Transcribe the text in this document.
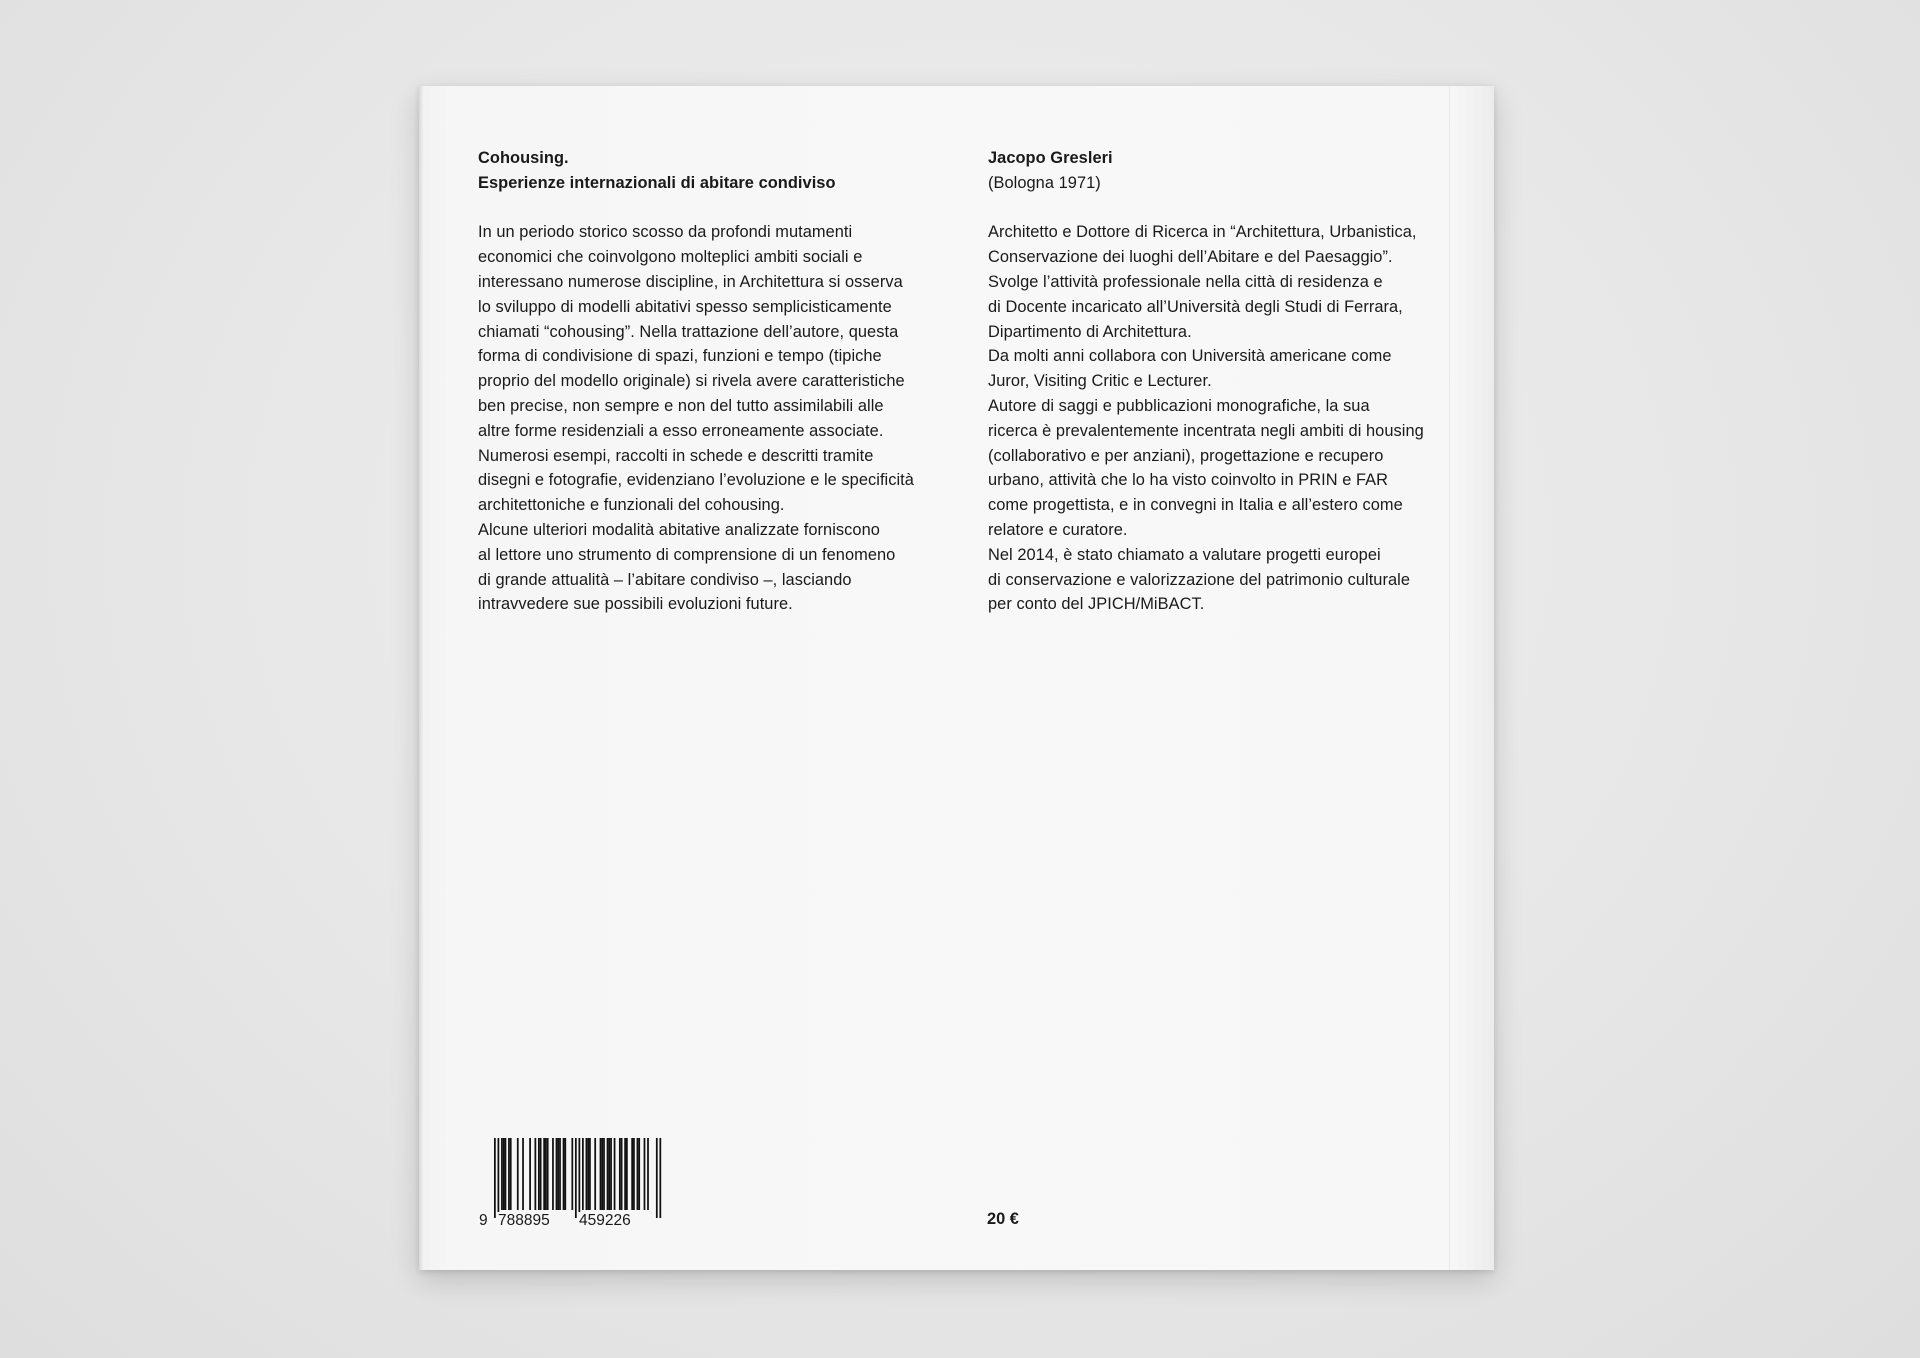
Cohousing.
Esperienze internazionali di abitare condiviso
In un periodo storico scosso da profondi mutamenti
economici che coinvolgono molteplici ambiti sociali e
interessano numerose discipline, in Architettura si osserva
lo sviluppo di modelli abitativi spesso semplicisticamente
chiamati “cohousing”. Nella trattazione dell’autore, questa
forma di condivisione di spazi, funzioni e tempo (tipiche
proprio del modello originale) si rivela avere caratteristiche
ben precise, non sempre e non del tutto assimilabili alle
altre forme residenziali a esso erroneamente associate.
Numerosi esempi, raccolti in schede e descritti tramite
disegni e fotografie, evidenziano l’evoluzione e le specificità
architettoniche e funzionali del cohousing.
Alcune ulteriori modalità abitative analizzate forniscono
al lettore uno strumento di comprensione di un fenomeno
di grande attualità – l’abitare condiviso –, lasciando
intravvedere sue possibili evoluzioni future.
Jacopo Gresleri
(Bologna 1971)
Architetto e Dottore di Ricerca in “Architettura, Urbanistica,
Conservazione dei luoghi dell’Abitare e del Paesaggio”.
Svolge l’attività professionale nella città di residenza e
di Docente incaricato all’Università degli Studi di Ferrara,
Dipartimento di Architettura.
Da molti anni collabora con Università americane come
Juror, Visiting Critic e Lecturer.
Autore di saggi e pubblicazioni monografiche, la sua
ricerca è prevalentemente incentrata negli ambiti di housing
(collaborativo e per anziani), progettazione e recupero
urbano, attività che lo ha visto coinvolto in PRIN e FAR
come progettista, e in convegni in Italia e all’estero come
relatore e curatore.
Nel 2014, è stato chiamato a valutare progetti europei
di conservazione e valorizzazione del patrimonio culturale
per conto del JPICH/MiBACT.
9 788895 459226	20 €
